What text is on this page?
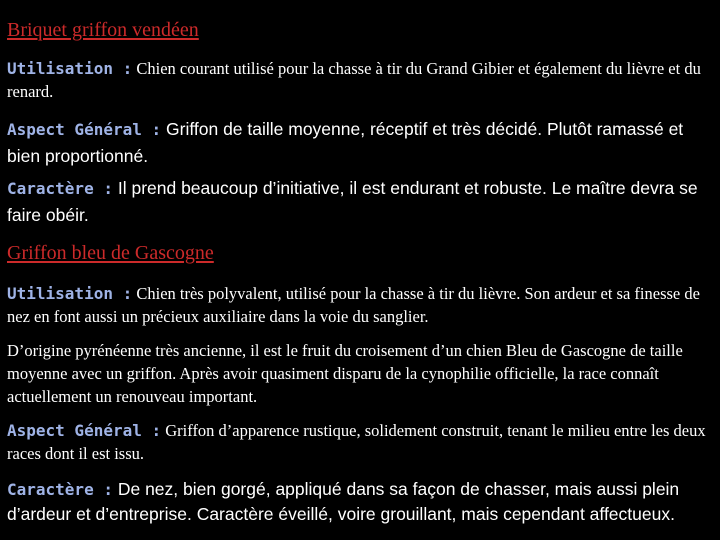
Briquet griffon vendéen

Utilisation : Chien courant utilisé pour la chasse à tir du Grand Gibier et également du lièvre et du renard.

Aspect Général : Griffon de taille moyenne, réceptif et très décidé. Plutôt ramassé et bien proportionné.

Caractère : Il prend beaucoup d’initiative, il est endurant et robuste. Le maître devra se faire obéir.

Griffon bleu de Gascogne

Utilisation : Chien très polyvalent, utilisé pour la chasse à tir du lièvre. Son ardeur et sa finesse de nez en font aussi un précieux auxiliaire dans la voie du sanglier.

D’origine pyrénéenne très ancienne, il est le fruit du croisement d’un chien Bleu de Gascogne de taille moyenne avec un griffon. Après avoir quasiment disparu de la cynophilie officielle, la race connaît actuellement un renouveau important.

Aspect Général : Griffon d’apparence rustique, solidement construit, tenant le milieu entre les deux races dont il est issu.

Caractère : De nez, bien gorgé, appliqué dans sa façon de chasser, mais aussi plein d’ardeur et d’entreprise. Caractère éveillé, voire grouillant, mais cependant affectueux.
